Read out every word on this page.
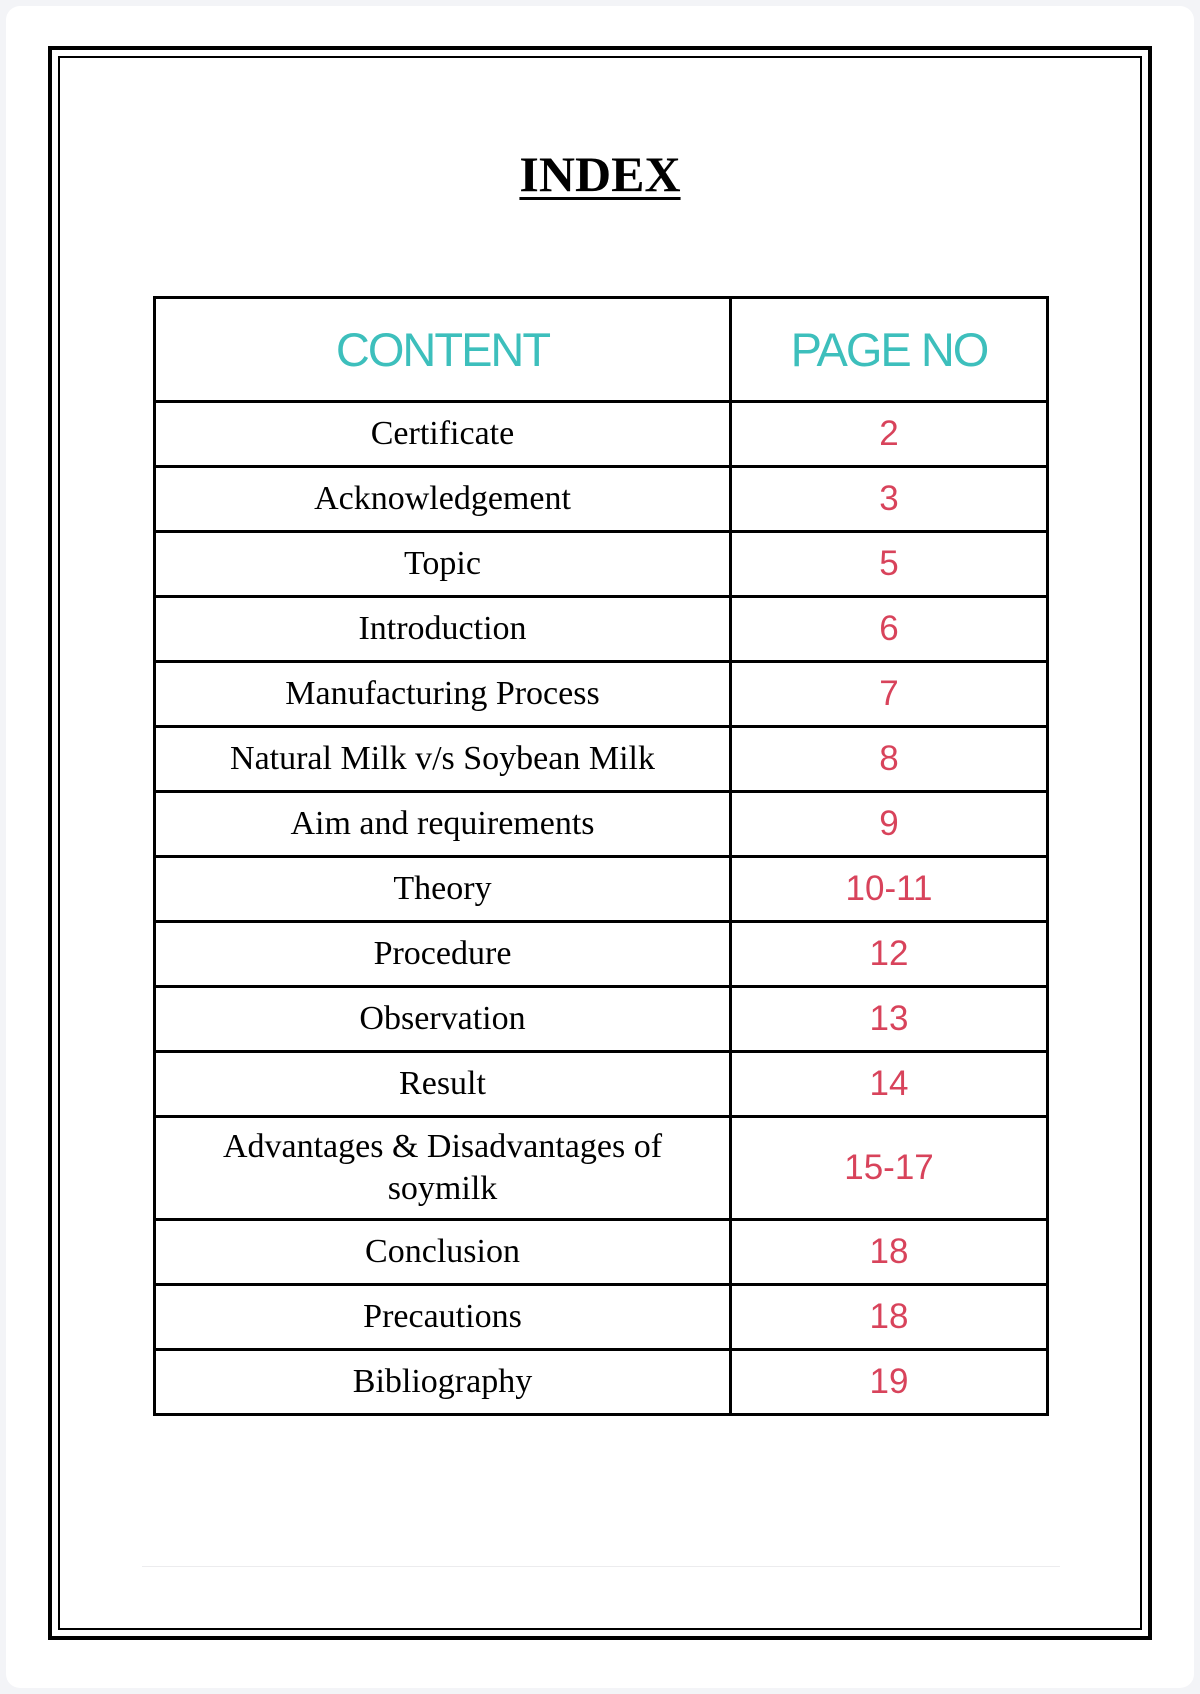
INDEX
CONTENT	PAGE NO
Certificate	2
Acknowledgement	3
Topic	5
Introduction	6
Manufacturing Process	7
Natural Milk v/s Soybean Milk	8
Aim and requirements	9
Theory	10-11
Procedure	12
Observation	13
Result	14
Advantages & Disadvantages of soymilk	15-17
Conclusion	18
Precautions	18
Bibliography	19
